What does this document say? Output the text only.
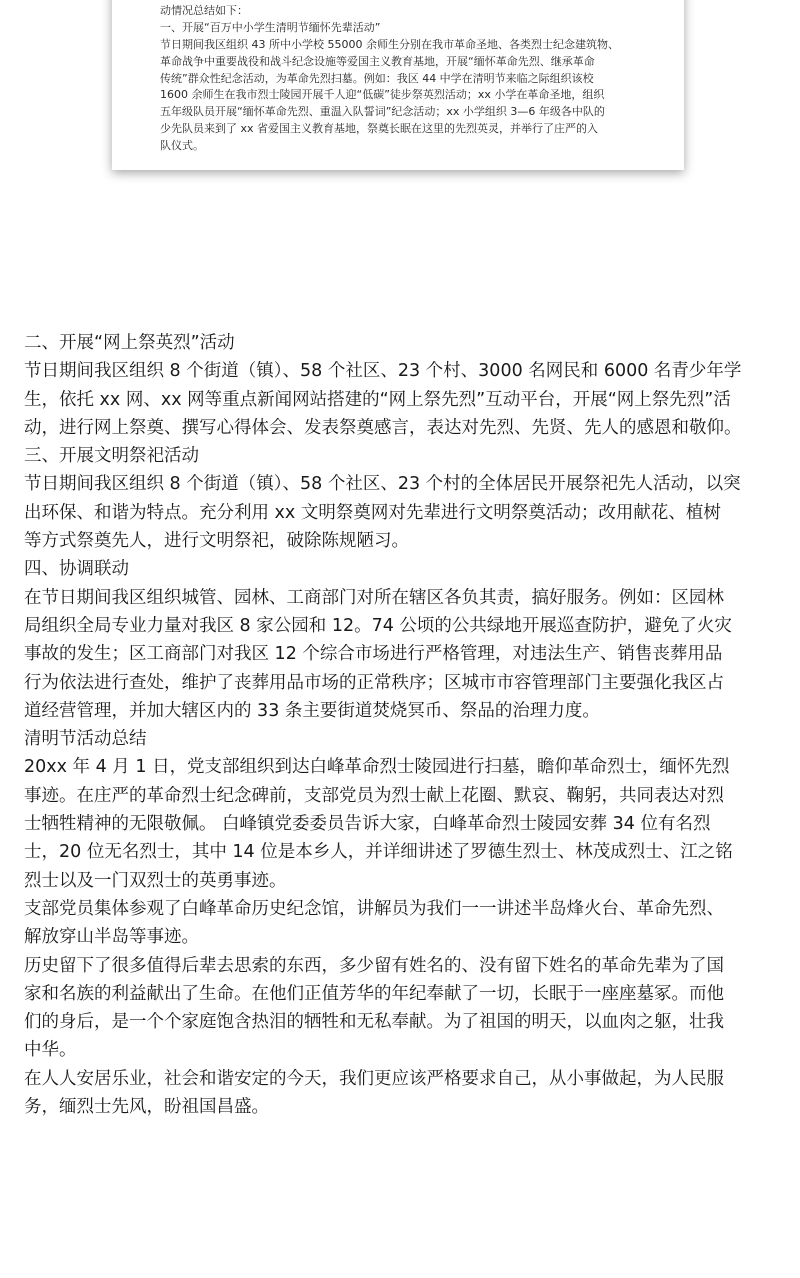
动情况总结如下：
一、开展“百万中小学生清明节缅怀先辈活动”
节日期间我区组织 43 所中小学校 55000 余师生分别在我市革命圣地、各类烈士纪念建筑物、
革命战争中重要战役和战斗纪念设施等爱国主义教育基地，开展“缅怀革命先烈、继承革命
传统”群众性纪念活动，为革命先烈扫墓。例如：我区 44 中学在清明节来临之际组织该校
1600 余师生在我市烈士陵园开展千人迎“低碳”徒步祭英烈活动；xx 小学在革命圣地，组织
五年级队员开展“缅怀革命先烈、重温入队誓词”纪念活动；xx 小学组织 3—6 年级各中队的
少先队员来到了 xx 省爱国主义教育基地，祭奠长眠在这里的先烈英灵，并举行了庄严的入
队仪式。
二、开展“网上祭英烈”活动
节日期间我区组织 8 个街道（镇）、58 个社区、23 个村、3000 名网民和 6000 名青少年学
生，依托 xx 网、xx 网等重点新闻网站搭建的“网上祭先烈”互动平台，开展“网上祭先烈”活
动，进行网上祭奠、撰写心得体会、发表祭奠感言，表达对先烈、先贤、先人的感恩和敬仰。
三、开展文明祭祀活动
节日期间我区组织 8 个街道（镇）、58 个社区、23 个村的全体居民开展祭祀先人活动，以突
出环保、和谐为特点。充分利用 xx 文明祭奠网对先辈进行文明祭奠活动；改用献花、植树
等方式祭奠先人，进行文明祭祀，破除陈规陋习。
四、协调联动
在节日期间我区组织城管、园林、工商部门对所在辖区各负其责，搞好服务。例如：区园林
局组织全局专业力量对我区 8 家公园和 12。74 公顷的公共绿地开展巡查防护，避免了火灾
事故的发生；区工商部门对我区 12 个综合市场进行严格管理，对违法生产、销售丧葬用品
行为依法进行查处，维护了丧葬用品市场的正常秩序；区城市市容管理部门主要强化我区占
道经营管理，并加大辖区内的 33 条主要街道焚烧冥币、祭品的治理力度。
清明节活动总结
20xx 年 4 月 1 日，党支部组织到达白峰革命烈士陵园进行扫墓，瞻仰革命烈士，缅怀先烈
事迹。在庄严的革命烈士纪念碑前，支部党员为烈士献上花圈、默哀、鞠躬，共同表达对烈
士牺牲精神的无限敬佩。 白峰镇党委委员告诉大家，白峰革命烈士陵园安葬 34 位有名烈
士，20 位无名烈士，其中 14 位是本乡人，并详细讲述了罗德生烈士、林茂成烈士、江之铭
烈士以及一门双烈士的英勇事迹。
支部党员集体参观了白峰革命历史纪念馆，讲解员为我们一一讲述半岛烽火台、革命先烈、
解放穿山半岛等事迹。
历史留下了很多值得后辈去思索的东西，多少留有姓名的、没有留下姓名的革命先辈为了国
家和名族的利益献出了生命。在他们正值芳华的年纪奉献了一切，长眠于一座座墓冢。而他
们的身后，是一个个家庭饱含热泪的牺牲和无私奉献。为了祖国的明天，以血肉之躯，壮我
中华。
在人人安居乐业，社会和谐安定的今天，我们更应该严格要求自己，从小事做起，为人民服
务，缅烈士先风，盼祖国昌盛。
